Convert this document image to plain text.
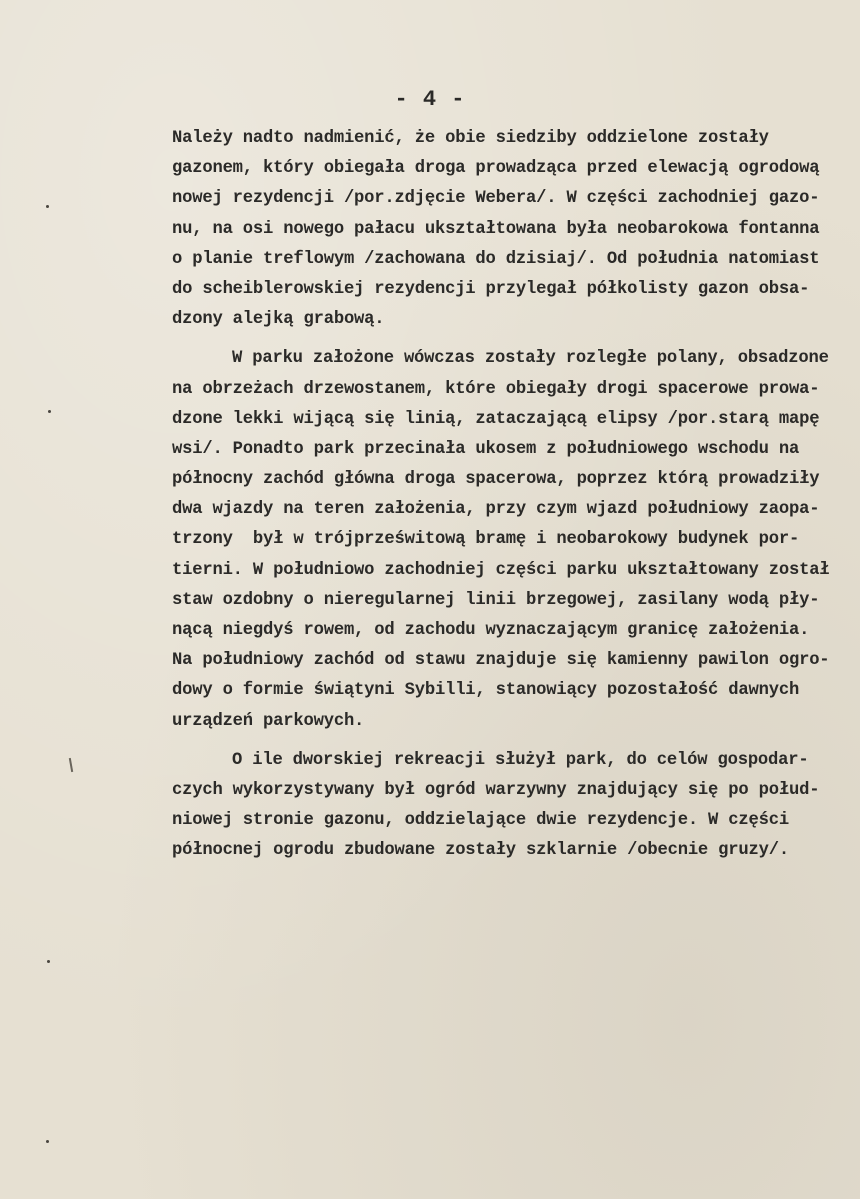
- 4 -
Należy nadto nadmienić, że obie siedziby oddzielone zostały
gazonem, który obiegała droga prowadząca przed elewacją ogrodową
nowej rezydencji /por.zdjęcie Webera/. W części zachodniej gazo-
nu, na osi nowego pałacu ukształtowana była neobarokowa fontanna
o planie treflowym /zachowana do dzisiaj/. Od południa natomiast
do scheiblerowskiej rezydencji przylegał półkolisty gazon obsa-
dzony alejką grabową.
W parku założone wówczas zostały rozległe polany, obsadzone
na obrzeżach drzewostanem, które obiegały drogi spacerowe prowa-
dzone lekki wijącą się linią, zataczającą elipsy /por.starą mapę
wsi/. Ponadto park przecinała ukosem z południowego wschodu na
północny zachód główna droga spacerowa, poprzez którą prowadziły
dwa wjazdy na teren założenia, przy czym wjazd południowy zaopa-
trzony  był w trójprześwitową bramę i neobarokowy budynek por-
tierni. W południowo zachodniej części parku ukształtowany został
staw ozdobny o nieregularnej linii brzegowej, zasilany wodą pły-
nącą niegdyś rowem, od zachodu wyznaczającym granicę założenia.
Na południowy zachód od stawu znajduje się kamienny pawilon ogro-
dowy o formie świątyni Sybilli, stanowiący pozostałość dawnych
urządzeń parkowych.
O ile dworskiej rekreacji służył park, do celów gospodar-
czych wykorzystywany był ogród warzywny znajdujący się po połud-
niowej stronie gazonu, oddzielające dwie rezydencje. W części
północnej ogrodu zbudowane zostały szklarnie /obecnie gruzy/.
